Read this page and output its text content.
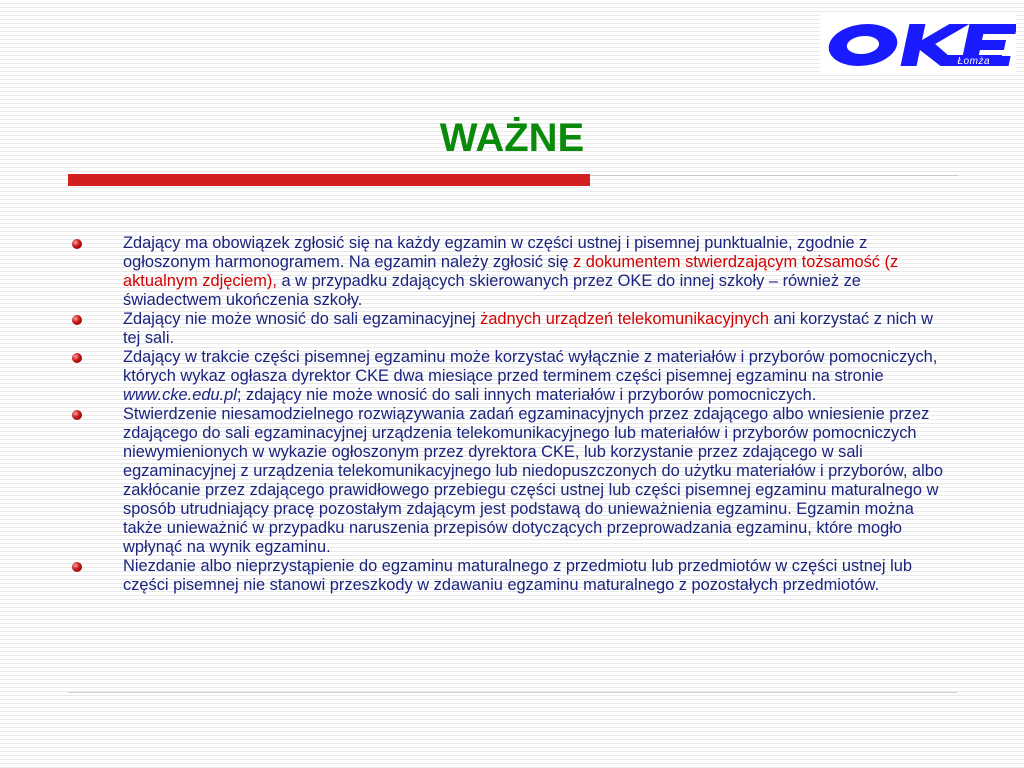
Łomża
WAŻNE
Zdający ma obowiązek zgłosić się na każdy egzamin w części ustnej i pisemnej punktualnie, zgodnie z ogłoszonym harmonogramem. Na egzamin należy zgłosić się z dokumentem stwierdzającym tożsamość (z aktualnym zdjęciem), a w przypadku zdających skierowanych przez OKE do innej szkoły – również ze świadectwem ukończenia szkoły.
Zdający nie może wnosić do sali egzaminacyjnej żadnych urządzeń telekomunikacyjnych ani korzystać z nich w tej sali.
Zdający w trakcie części pisemnej egzaminu może korzystać wyłącznie z materiałów i przyborów pomocniczych, których wykaz ogłasza dyrektor CKE dwa miesiące przed terminem części pisemnej egzaminu na stronie www.cke.edu.pl; zdający nie może wnosić do sali innych materiałów i przyborów pomocniczych.
Stwierdzenie niesamodzielnego rozwiązywania zadań egzaminacyjnych przez zdającego albo wniesienie przez zdającego do sali egzaminacyjnej urządzenia telekomunikacyjnego lub materiałów i przyborów pomocniczych niewymienionych w wykazie ogłoszonym przez dyrektora CKE, lub korzystanie przez zdającego w sali egzaminacyjnej z urządzenia telekomunikacyjnego lub niedopuszczonych do użytku materiałów i przyborów, albo zakłócanie przez zdającego prawidłowego przebiegu części ustnej lub części pisemnej egzaminu maturalnego w sposób utrudniający pracę pozostałym zdającym jest podstawą do unieważnienia egzaminu. Egzamin można także unieważnić w przypadku naruszenia przepisów dotyczących przeprowadzania egzaminu, które mogło wpłynąć na wynik egzaminu.
Niezdanie albo nieprzystąpienie do egzaminu maturalnego z przedmiotu lub przedmiotów w części ustnej lub części pisemnej nie stanowi przeszkody w zdawaniu egzaminu maturalnego z pozostałych przedmiotów.
